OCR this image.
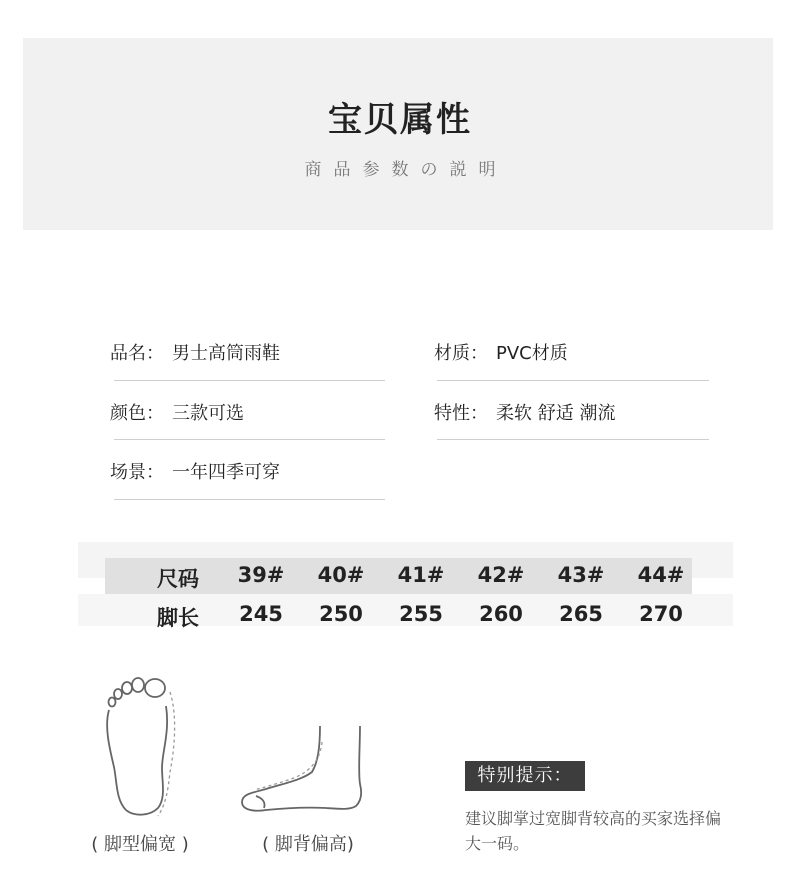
宝贝属性
商品参数の説明
品名： 男士高筒雨鞋
颜色： 三款可选
场景： 一年四季可穿
材质： PVC材质
特性： 柔软 舒适 潮流
尺码	39#	40#	41#	42#	43#	44#
脚长	245	250	255	260	265	270
( 脚型偏宽 )	( 脚背偏高)
特别提示：
建议脚掌过宽脚背较高的买家选择偏大一码。
